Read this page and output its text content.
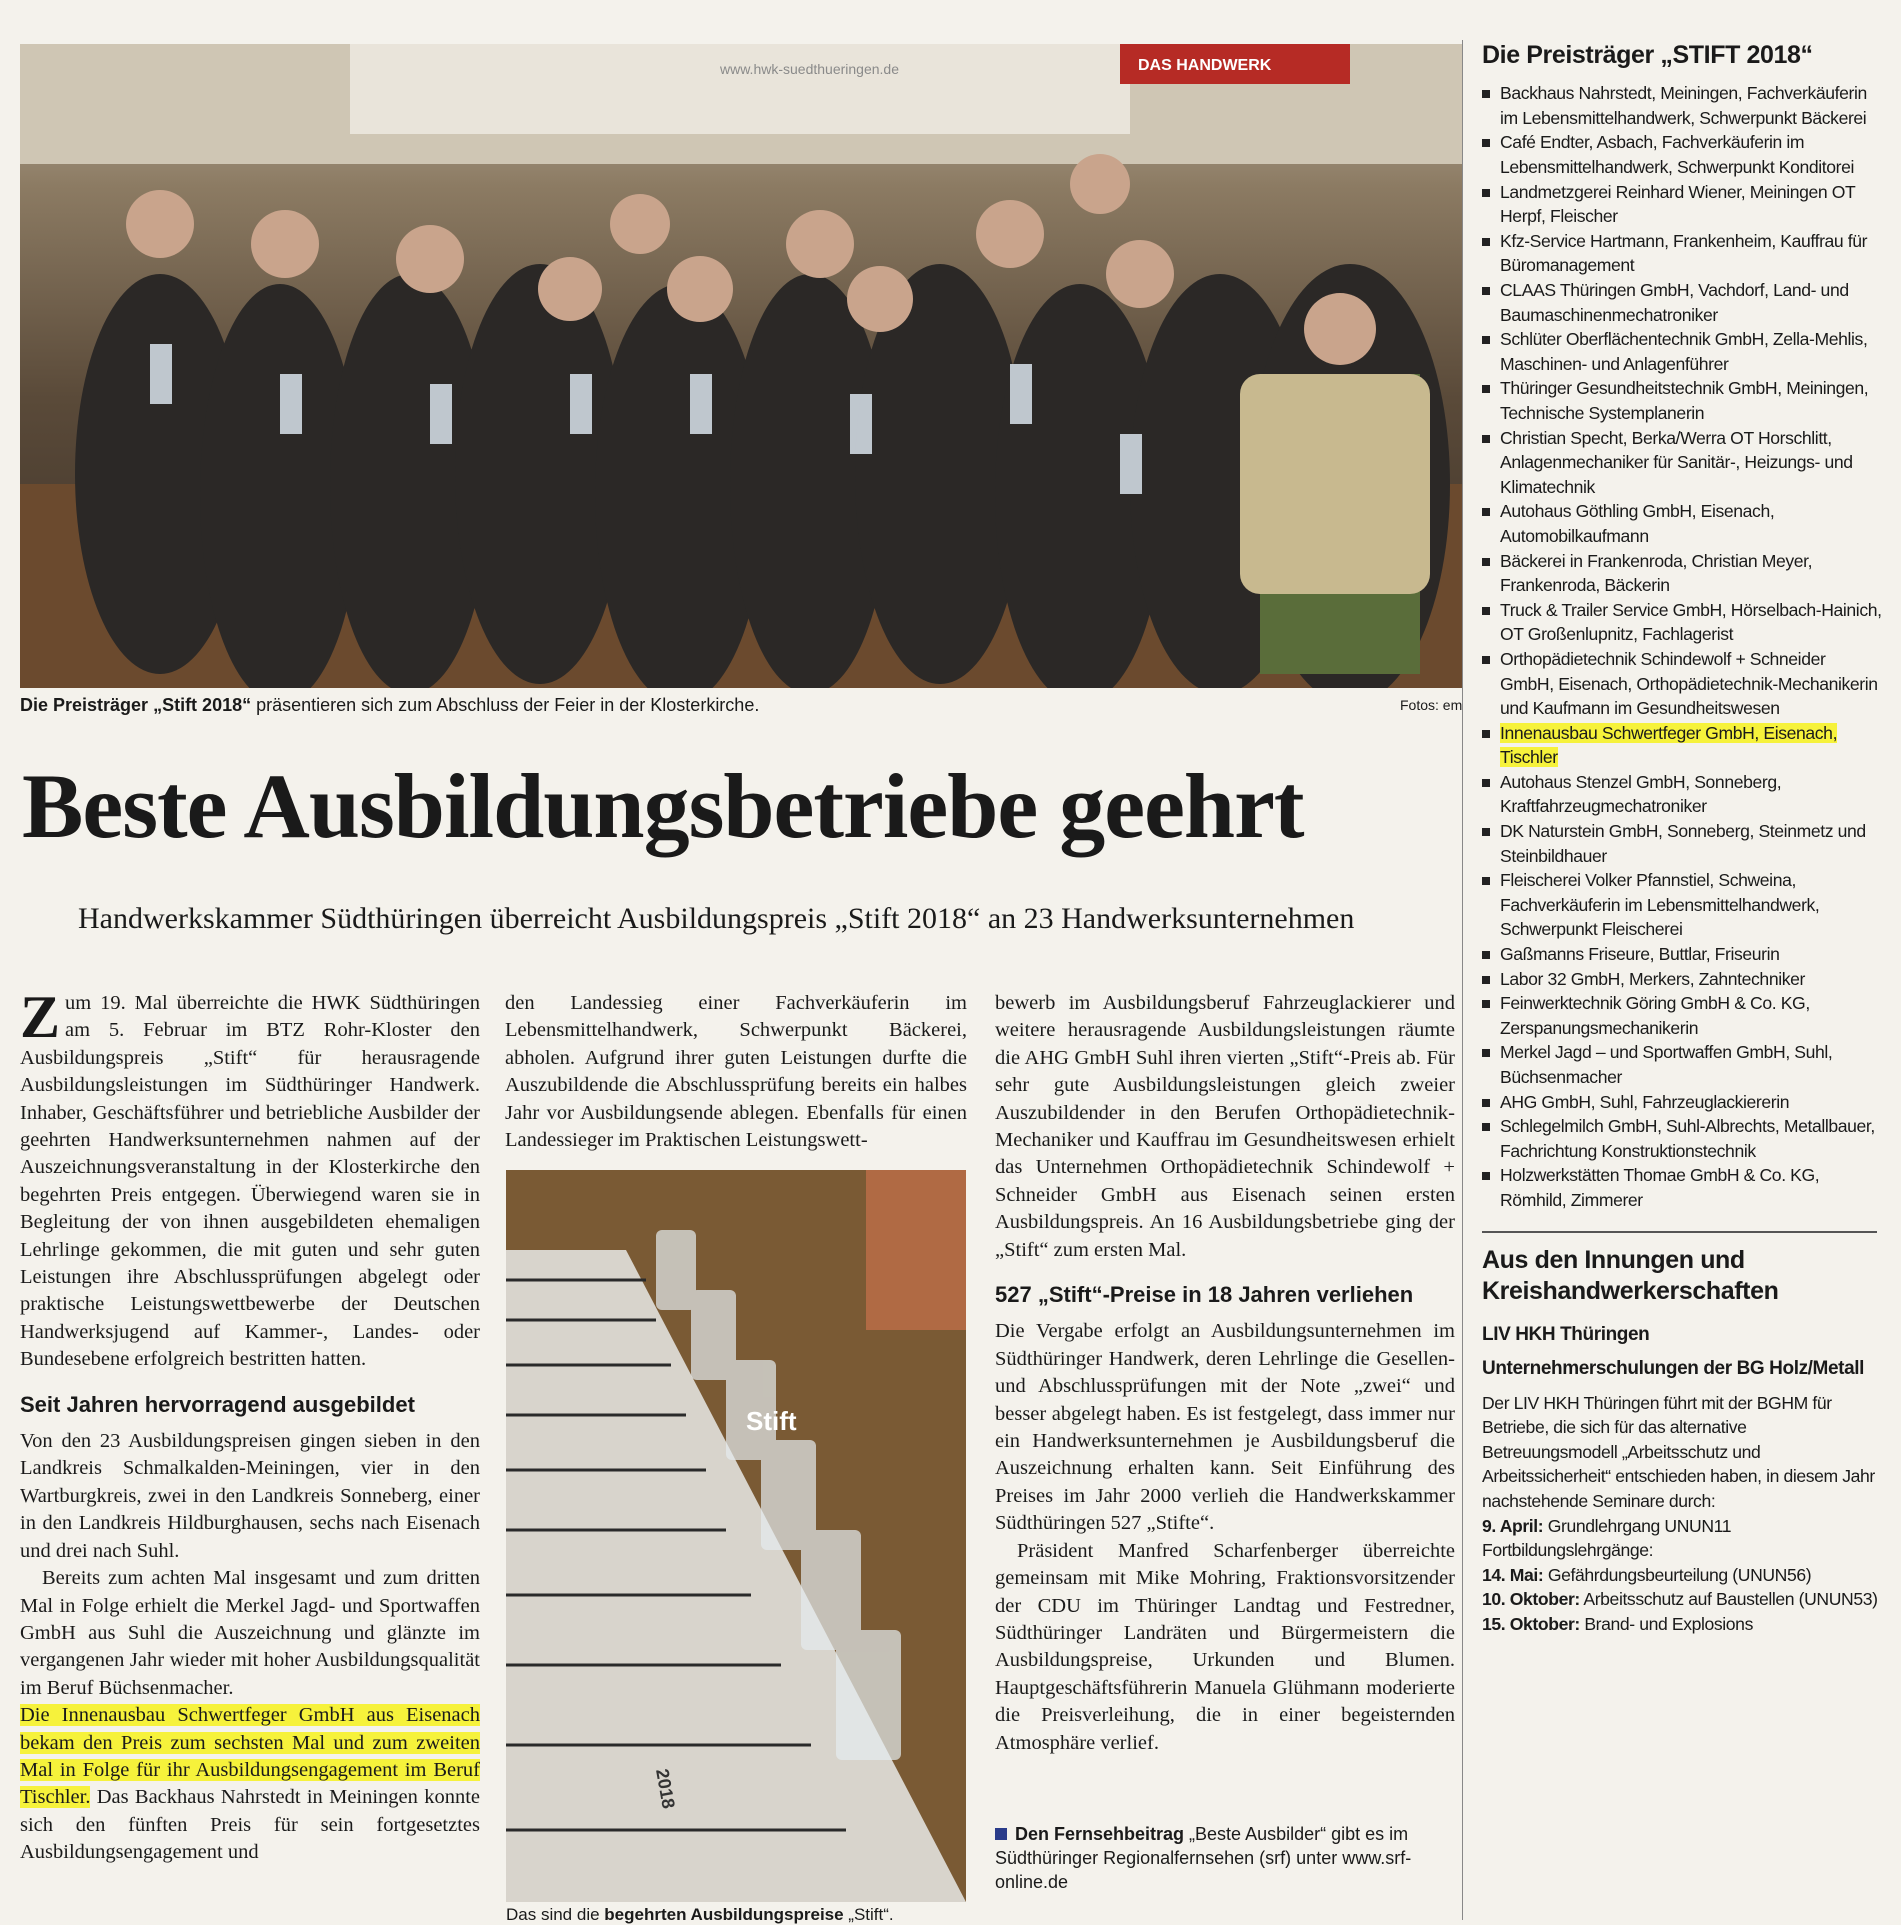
DAS HANDWERK
www.hwk-suedthueringen.de
Die Preisträger „Stift 2018“ präsentieren sich zum Abschluss der Feier in der Klosterkirche.	Fotos: em
Beste Ausbildungsbetriebe geehrt
Handwerkskammer Südthüringen überreicht Ausbildungspreis „Stift 2018“ an 23 Handwerksunternehmen

Zum 19. Mal überreichte die HWK Südthüringen am 5. Februar im BTZ Rohr-Kloster den Ausbildungspreis „Stift“ für herausragende Ausbildungsleistungen im Südthüringer Handwerk. Inhaber, Geschäftsführer und betriebliche Ausbilder der geehrten Handwerksunternehmen nahmen auf der Auszeichnungsveranstaltung in der Klosterkirche den begehrten Preis entgegen. Überwiegend waren sie in Begleitung der von ihnen ausgebildeten ehemaligen Lehrlinge gekommen, die mit guten und sehr guten Leistungen ihre Abschlussprüfungen abgelegt oder praktische Leistungswettbewerbe der Deutschen Handwerksjugend auf Kammer-, Landes- oder Bundesebene erfolgreich bestritten hatten.

Seit Jahren hervorragend ausgebildet

Von den 23 Ausbildungspreisen gingen sieben in den Landkreis Schmalkalden-Meiningen, vier in den Wartburgkreis, zwei in den Landkreis Sonneberg, einer in den Landkreis Hildburghausen, sechs nach Eisenach und drei nach Suhl.

Bereits zum achten Mal insgesamt und zum dritten Mal in Folge erhielt die Merkel Jagd- und Sportwaffen GmbH aus Suhl die Auszeichnung und glänzte im vergangenen Jahr wieder mit hoher Ausbildungsqualität im Beruf Büchsenmacher.

Die Innenausbau Schwertfeger GmbH aus Eisenach bekam den Preis zum sechsten Mal und zum zweiten Mal in Folge für ihr Ausbildungsengagement im Beruf Tischler. Das Backhaus Nahrstedt in Meiningen konnte sich den fünften Preis für sein fortgesetztes Ausbildungsengagement und

den Landessieg einer Fachverkäuferin im Lebensmittelhandwerk, Schwerpunkt Bäckerei, abholen. Aufgrund ihrer guten Leistungen durfte die Auszubildende die Abschlussprüfung bereits ein halbes Jahr vor Ausbildungsende ablegen. Ebenfalls für einen Landessieger im Praktischen Leistungswett-

Stift
2018
Das sind die begehrten Ausbildungspreise „Stift“.

bewerb im Ausbildungsberuf Fahrzeuglackierer und weitere herausragende Ausbildungsleistungen räumte die AHG GmbH Suhl ihren vierten „Stift“-Preis ab. Für sehr gute Ausbildungsleistungen gleich zweier Auszubildender in den Berufen Orthopädietechnik-Mechaniker und Kauffrau im Gesundheitswesen erhielt das Unternehmen Orthopädietechnik Schindewolf + Schneider GmbH aus Eisenach seinen ersten Ausbildungspreis. An 16 Ausbildungsbetriebe ging der „Stift“ zum ersten Mal.

527 „Stift“-Preise in 18 Jahren verliehen

Die Vergabe erfolgt an Ausbildungsunternehmen im Südthüringer Handwerk, deren Lehrlinge die Gesellen- und Abschlussprüfungen mit der Note „zwei“ und besser abgelegt haben. Es ist festgelegt, dass immer nur ein Handwerksunternehmen je Ausbildungsberuf die Auszeichnung erhalten kann. Seit Einführung des Preises im Jahr 2000 verlieh die Handwerkskammer Südthüringen 527 „Stifte“.

Präsident Manfred Scharfenberger überreichte gemeinsam mit Mike Mohring, Fraktionsvorsitzender der CDU im Thüringer Landtag und Festredner, Südthüringer Landräten und Bürgermeistern die Ausbildungspreise, Urkunden und Blumen. Hauptgeschäftsführerin Manuela Glühmann moderierte die Preisverleihung, die in einer begeisternden Atmosphäre verlief.

Den Fernsehbeitrag „Beste Ausbilder“ gibt es im Südthüringer Regionalfernsehen (srf) unter www.srf-online.de
Die Preisträger „STIFT 2018“
Backhaus Nahrstedt, Meiningen, Fachverkäuferin im Lebensmittelhandwerk, Schwerpunkt Bäckerei
Café Endter, Asbach, Fachverkäuferin im Lebensmittelhandwerk, Schwerpunkt Konditorei
Landmetzgerei Reinhard Wiener, Meiningen OT Herpf, Fleischer
Kfz-Service Hartmann, Frankenheim, Kauffrau für Büromanagement
CLAAS Thüringen GmbH, Vachdorf, Land- und Baumaschinenmechatroniker
Schlüter Oberflächentechnik GmbH, Zella-Mehlis, Maschinen- und Anlagenführer
Thüringer Gesundheitstechnik GmbH, Meiningen, Technische Systemplanerin
Christian Specht, Berka/Werra OT Horschlitt, Anlagenmechaniker für Sanitär-, Heizungs- und Klimatechnik
Autohaus Göthling GmbH, Eisenach, Automobilkaufmann
Bäckerei in Frankenroda, Christian Meyer, Frankenroda, Bäckerin
Truck & Trailer Service GmbH, Hörselbach-Hainich, OT Großenlupnitz, Fachlagerist
Orthopädietechnik Schindewolf + Schneider GmbH, Eisenach, Orthopädietechnik-Mechanikerin und Kaufmann im Gesundheitswesen
Innenausbau Schwertfeger GmbH, Eisenach, Tischler
Autohaus Stenzel GmbH, Sonneberg, Kraftfahrzeugmechatroniker
DK Naturstein GmbH, Sonneberg, Steinmetz und Steinbildhauer
Fleischerei Volker Pfannstiel, Schweina, Fachverkäuferin im Lebensmittelhandwerk, Schwerpunkt Fleischerei
Gaßmanns Friseure, Buttlar, Friseurin
Labor 32 GmbH, Merkers, Zahntechniker
Feinwerktechnik Göring GmbH & Co. KG, Zerspanungsmechanikerin
Merkel Jagd – und Sportwaffen GmbH, Suhl, Büchsenmacher
AHG GmbH, Suhl, Fahrzeuglackiererin
Schlegelmilch GmbH, Suhl-Albrechts, Metallbauer, Fachrichtung Konstruktionstechnik
Holzwerkstätten Thomae GmbH & Co. KG, Römhild, Zimmerer
Aus den Innungen und Kreishandwerkerschaften
LIV HKH Thüringen
Unternehmerschulungen der BG Holz/Metall

Der LIV HKH Thüringen führt mit der BGHM für Betriebe, die sich für das alternative Betreuungsmodell „Arbeitsschutz und Arbeitssicherheit“ entschieden haben, in diesem Jahr nachstehende Seminare durch:

9. April: Grundlehrgang UNUN11
Fortbildungslehrgänge:
14. Mai: Gefährdungsbeurteilung (UNUN56)
10. Oktober: Arbeitsschutz auf Baustellen (UNUN53)
15. Oktober: Brand- und Explosions
